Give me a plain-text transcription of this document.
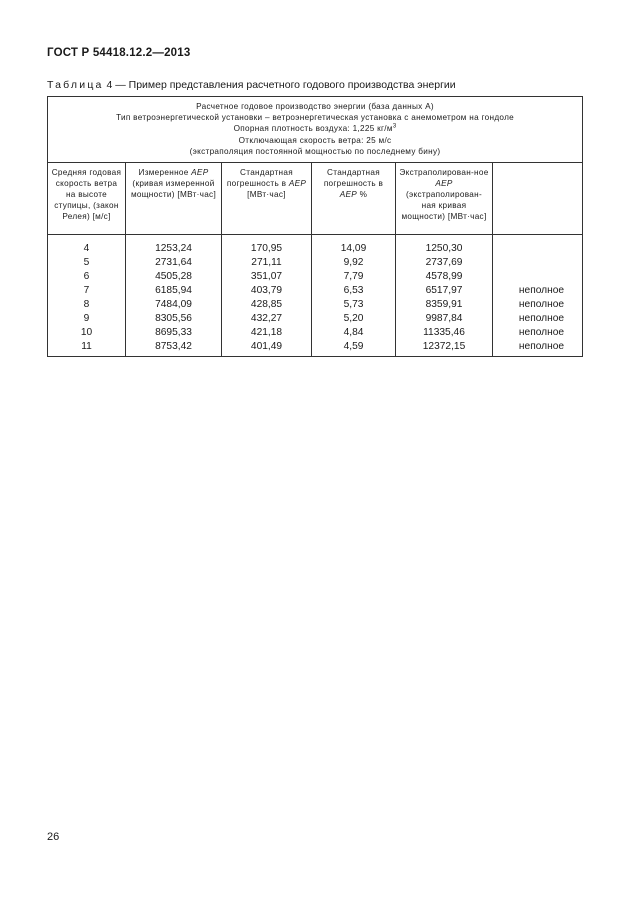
ГОСТ Р 54418.12.2—2013
Таблица 4 — Пример представления расчетного годового производства энергии
Расчетное годовое производство энергии (база данных А)
Тип ветроэнергетической установки – ветроэнергетическая установка с анемометром на гондоле
Опорная плотность воздуха: 1,225 $кг/м^3$
Отключающая скорость ветра: 25 м/с
(экстраполяция постоянной мощностью по последнему бину)					

Средняя годовая скорость ветра на высоте ступицы, (закон Релея) [м/с]	Измеренное AEP (кривая измеренной мощности) [МВт·час]	Стандартная погрешность в AEP [МВт·час]	Стандартная погрешность в AEP %	Экстраполирован-ное AEP (экстраполирован-ная кривая мощности) [МВт·час]	

4	1253,24	170,95	14,09	1250,30	
5	2731,64	271,11	9,92	2737,69	
6	4505,28	351,07	7,79	4578,99	
7	6185,94	403,79	6,53	6517,97	неполное
8	7484,09	428,85	5,73	8359,91	неполное
9	8305,56	432,27	5,20	9987,84	неполное
10	8695,33	421,18	4,84	11335,46	неполное
11	8753,42	401,49	4,59	12372,15	неполное
26
